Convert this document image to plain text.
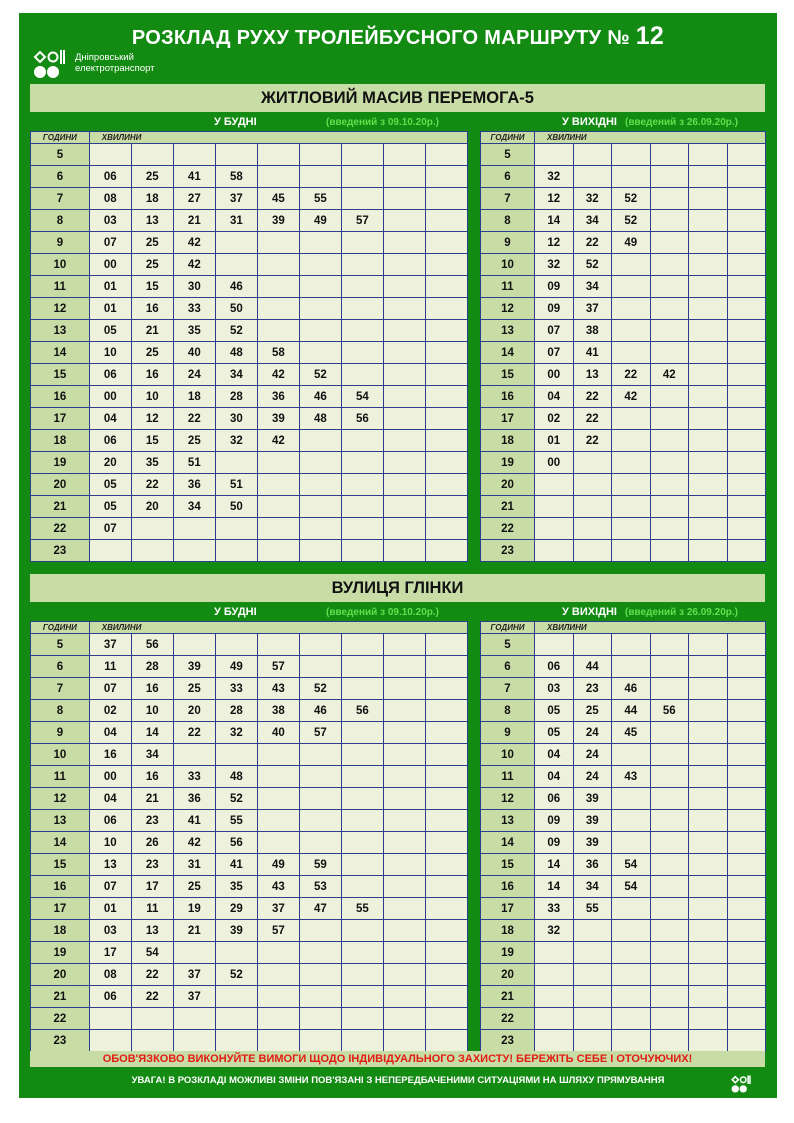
РОЗКЛАД РУХУ ТРОЛЕЙБУСНОГО МАРШРУТУ № 12
Дніпровський
електротранспорт
ЖИТЛОВИЙ МАСИВ ПЕРЕМОГА-5
У БУДНІ	(введений з 09.10.20р.)	У ВИХІДНІ (введений з 26.09.20р.)
ГОДИНИ	ХВИЛИНИ								
5									
6	06	25	41	58					
7	08	18	27	37	45	55			
8	03	13	21	31	39	49	57		
9	07	25	42						
10	00	25	42						
11	01	15	30	46					
12	01	16	33	50					
13	05	21	35	52					
14	10	25	40	48	58				
15	06	16	24	34	42	52			
16	00	10	18	28	36	46	54		
17	04	12	22	30	39	48	56		
18	06	15	25	32	42				
19	20	35	51						
20	05	22	36	51					
21	05	20	34	50					
22	07								
23									
ГОДИНИ	ХВИЛИНИ					
5						
6	32					
7	12	32	52			
8	14	34	52			
9	12	22	49			
10	32	52				
11	09	34				
12	09	37				
13	07	38				
14	07	41				
15	00	13	22	42		
16	04	22	42			
17	02	22				
18	01	22				
19	00					
20						
21						
22						
23						
ВУЛИЦЯ ГЛІНКИ
У БУДНІ	(введений з 09.10.20р.)	У ВИХІДНІ (введений з 26.09.20р.)
ГОДИНИ	ХВИЛИНИ								
5	37	56							
6	11	28	39	49	57				
7	07	16	25	33	43	52			
8	02	10	20	28	38	46	56		
9	04	14	22	32	40	57			
10	16	34							
11	00	16	33	48					
12	04	21	36	52					
13	06	23	41	55					
14	10	26	42	56					
15	13	23	31	41	49	59			
16	07	17	25	35	43	53			
17	01	11	19	29	37	47	55		
18	03	13	21	39	57				
19	17	54							
20	08	22	37	52					
21	06	22	37						
22									
23									
ГОДИНИ	ХВИЛИНИ					
5						
6	06	44				
7	03	23	46			
8	05	25	44	56		
9	05	24	45			
10	04	24				
11	04	24	43			
12	06	39				
13	09	39				
14	09	39				
15	14	36	54			
16	14	34	54			
17	33	55				
18	32					
19						
20						
21						
22						
23						
ОБОВ'ЯЗКОВО ВИКОНУЙТЕ ВИМОГИ ЩОДО ІНДИВІДУАЛЬНОГО ЗАХИСТУ! БЕРЕЖІТЬ СЕБЕ І ОТОЧУЮЧИХ!
УВАГА! В РОЗКЛАДІ МОЖЛИВІ ЗМІНИ ПОВ'ЯЗАНІ З НЕПЕРЕДБАЧЕНИМИ СИТУАЦІЯМИ НА ШЛЯХУ ПРЯМУВАННЯ
